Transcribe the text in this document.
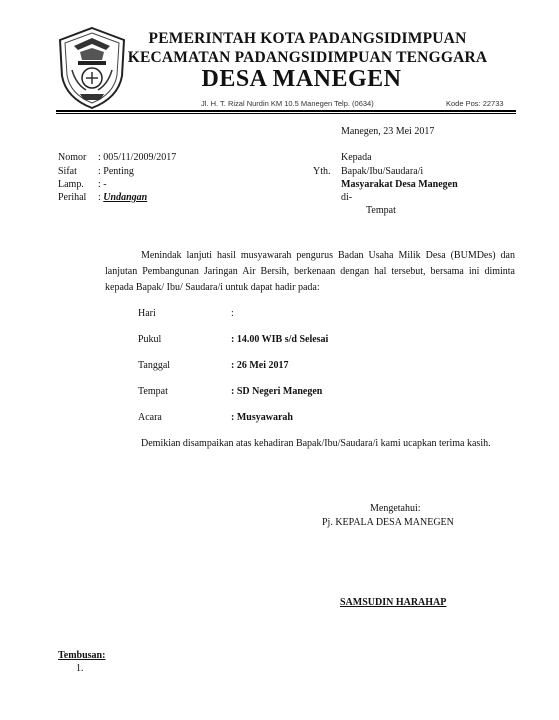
PEMERINTAH KOTA PADANGSIDIMPUAN
KECAMATAN PADANGSIDIMPUAN TENGGARA
DESA MANEGEN
Jl. H. T. Rizal Nurdin KM 10.5 Manegen Telp. (0634)	Kode Pos: 22733
Manegen, 23 Mei 2017
Nomor : 005/11/2009/2017
Sifat : Penting
Lamp. : -
Perihal : Undangan
Kepada
Yth. Bapak/Ibu/Saudara/i
Masyarakat Desa Manegen
di-
Tempat
Menindak lanjuti hasil musyawarah pengurus Badan Usaha Milik Desa (BUMDes) dan lanjutan Pembangunan Jaringan Air Bersih, berkenaan dengan hal tersebut, bersama ini diminta kepada Bapak/ Ibu/ Saudara/i untuk dapat hadir pada:
Hari	:
Pukul	: 14.00 WIB s/d Selesai
Tanggal	: 26 Mei 2017
Tempat	: SD Negeri Manegen
Acara	: Musyawarah
Demikian disampaikan atas kehadiran Bapak/Ibu/Saudara/i kami ucapkan terima kasih.
Mengetahui:
Pj. KEPALA DESA MANEGEN
SAMSUDIN HARAHAP
Tembusan:
1.
